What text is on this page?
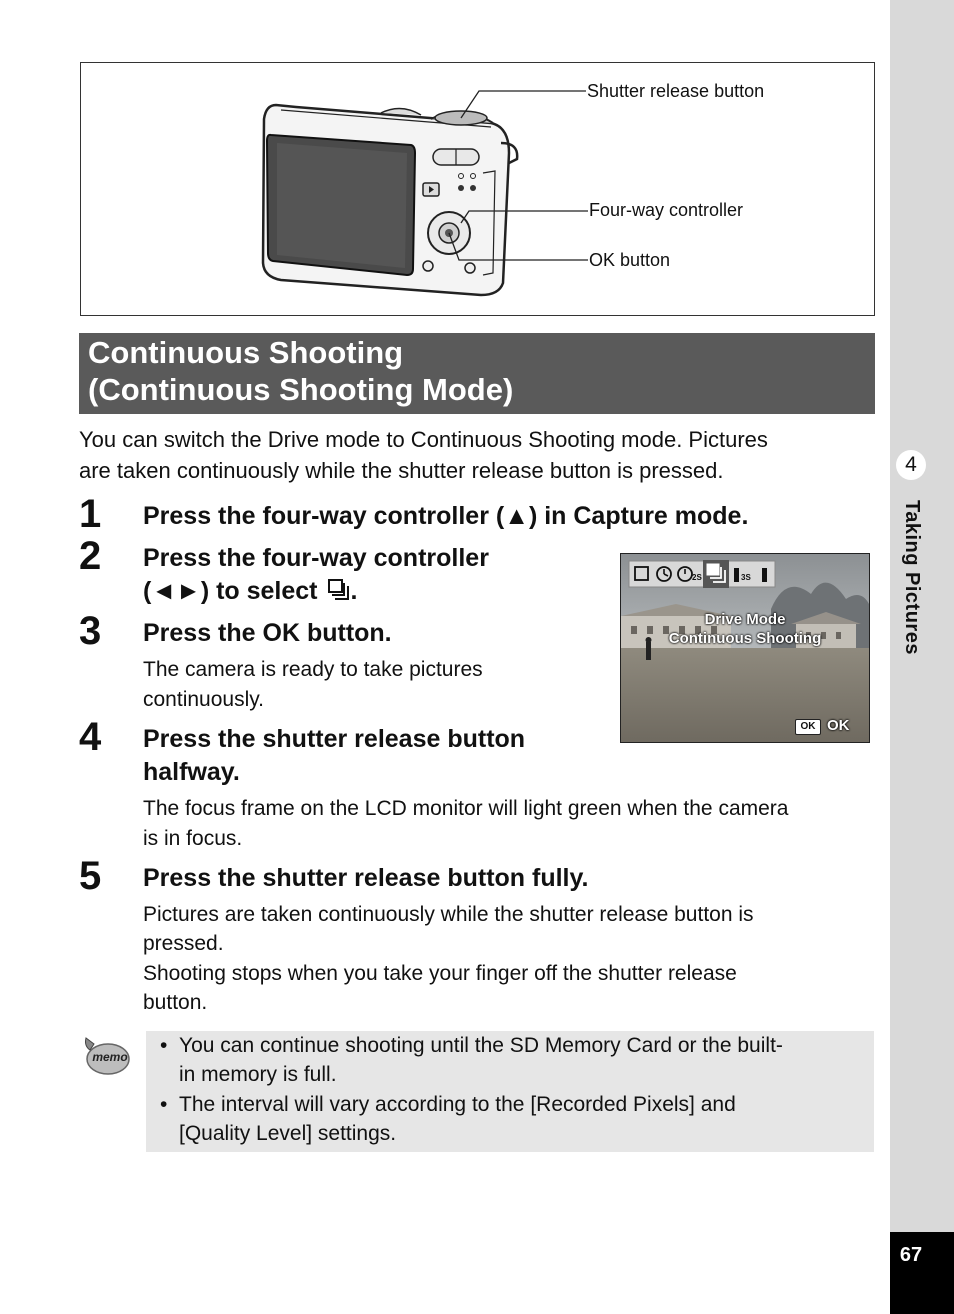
4
Taking Pictures
67
Shutter release button
Four-way controller
OK button
Continuous Shooting
(Continuous Shooting Mode)
You can switch the Drive mode to Continuous Shooting mode. Pictures
are taken continuously while the shutter release button is pressed.
1 Press the four-way controller (▲) in Capture mode.
2 Press the four-way controller
(◄►) to select .
3 Press the OK button.
The camera is ready to take pictures
continuously.
2S	3S
Drive Mode
Continuous Shooting
OK OK
4 Press the shutter release button
halfway.
The focus frame on the LCD monitor will light green when the camera
is in focus.
5 Press the shutter release button fully.
Pictures are taken continuously while the shutter release button is
pressed.
Shooting stops when you take your finger off the shutter release
button.
memo • You can continue shooting until the SD Memory Card or the built-
in memory is full.
• The interval will vary according to the [Recorded Pixels] and
[Quality Level] settings.
